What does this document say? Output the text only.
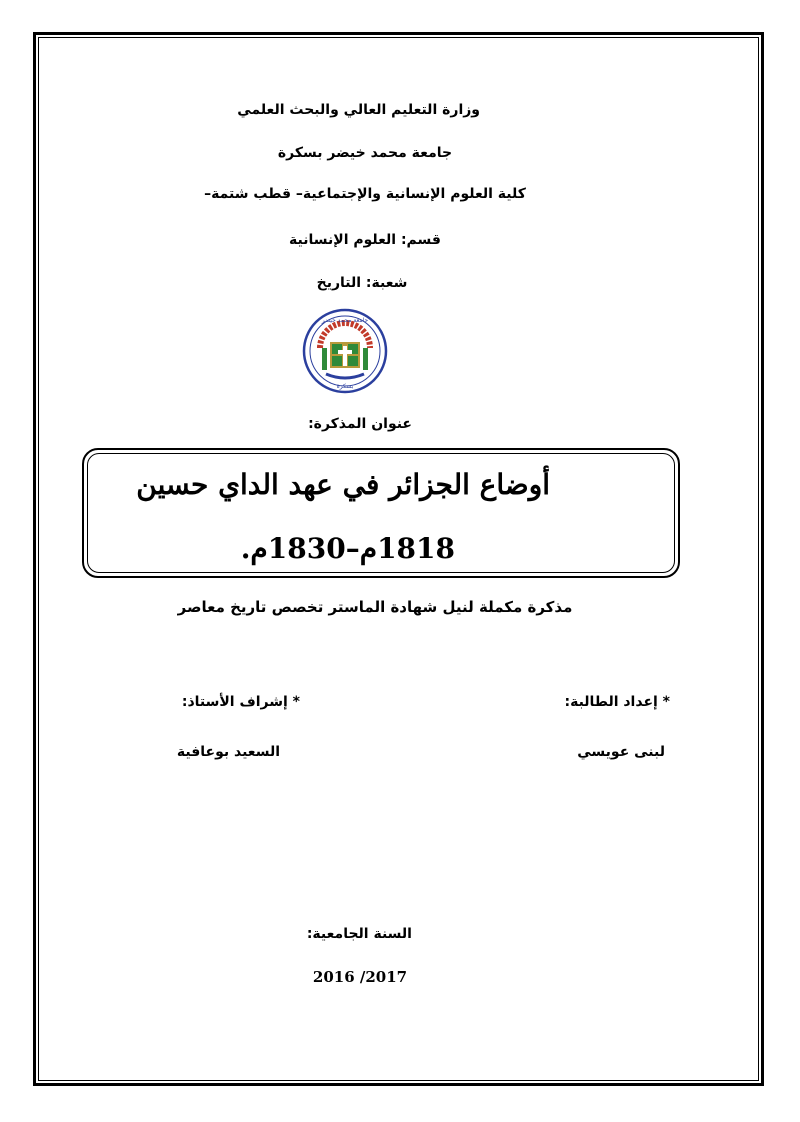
وزارة التعليم العالي والبحث العلمي
جامعة محمد خيضر بسكرة
كلية العلوم الإنسانية والإجتماعية– قطب شتمة–
قسم: العلوم الإنسانية
شعبة: التاريخ
جامعة محمد خيضر
بسكرة
عنوان المذكرة:
أوضاع الجزائر في عهد الداي حسين
1818م–1830م.
مذكرة مكملة لنيل شهادة الماستر تخصص تاريخ معاصر
* إعداد الطالبة:
* إشراف الأستاذ:
لبنى عويسي
السعيد بوعافية
السنة الجامعية:
2016 /2017
